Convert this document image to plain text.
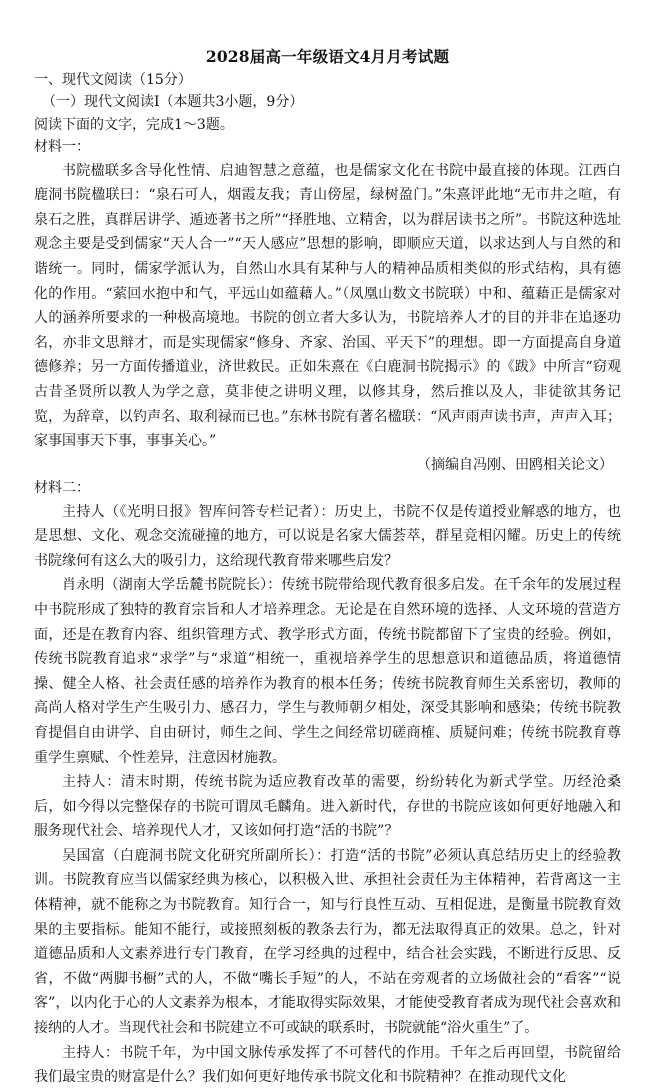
2028届高一年级语文4月月考试题
一、现代文阅读（15分）
（一）现代文阅读Ⅰ（本题共3小题，9分）
阅读下面的文字，完成1～3题。
材料一：

书院楹联多含导化性情、启迪智慧之意蕴，也是儒家文化在书院中最直接的体现。江西白鹿洞书院楹联曰：“泉石可人，烟霞友我；青山傍屋，绿树盈门。”朱熹评此地“无市井之喧，有泉石之胜，真群居讲学、遁迹著书之所”“择胜地、立精舍，以为群居读书之所”。书院这种选址观念主要是受到儒家“天人合一”“天人感应”思想的影响，即顺应天道，以求达到人与自然的和谐统一。同时，儒家学派认为，自然山水具有某种与人的精神品质相类似的形式结构，具有德化的作用。“萦回水抱中和气，平远山如蕴藉人。”（凤凰山数文书院联）中和、蕴藉正是儒家对人的涵养所要求的一种极高境地。书院的创立者大多认为，书院培养人才的目的并非在追逐功名，亦非文思辩才，而是实现儒家“修身、齐家、治国、平天下”的理想。即一方面提高自身道德修养；另一方面传播道业，济世救民。正如朱熹在《白鹿洞书院揭示》的《跋》中所言“窃观古昔圣贤所以教人为学之意，莫非使之讲明义理，以修其身，然后推以及人，非徒欲其务记览，为辞章，以钓声名、取利禄而已也。”东林书院有著名楹联：“风声雨声读书声，声声入耳；家事国事天下事，事事关心。”

（摘编自冯刚、田鸥相关论文）
材料二：

主持人（《光明日报》智库问答专栏记者）：历史上，书院不仅是传道授业解惑的地方，也是思想、文化、观念交流碰撞的地方，可以说是名家大儒荟萃，群星竞相闪耀。历史上的传统书院缘何有这么大的吸引力，这给现代教育带来哪些启发？

肖永明（湖南大学岳麓书院院长）：传统书院带给现代教育很多启发。在千余年的发展过程中书院形成了独特的教育宗旨和人才培养理念。无论是在自然环境的选择、人文环境的营造方面，还是在教育内容、组织管理方式、教学形式方面，传统书院都留下了宝贵的经验。例如，传统书院教育追求“求学”与“求道”相统一，重视培养学生的思想意识和道德品质，将道德情操、健全人格、社会责任感的培养作为教育的根本任务；传统书院教育师生关系密切，教师的高尚人格对学生产生吸引力、感召力，学生与教师朝夕相处，深受其影响和感染；传统书院教育提倡自由讲学、自由研讨，师生之间、学生之间经常切磋商榷、质疑问难；传统书院教育尊重学生禀赋、个性差异，注意因材施教。

主持人：清末时期，传统书院为适应教育改革的需要，纷纷转化为新式学堂。历经沧桑后，如今得以完整保存的书院可谓凤毛麟角。进入新时代，存世的书院应该如何更好地融入和服务现代社会、培养现代人才，又该如何打造“活的书院”？

吴国富（白鹿洞书院文化研究所副所长）：打造“活的书院”必须认真总结历史上的经验教训。书院教育应当以儒家经典为核心，以积极入世、承担社会责任为主体精神，若背离这一主体精神，就不能称之为书院教育。知行合一，知与行良性互动、互相促进，是衡量书院教育效果的主要指标。能知不能行，或接照刻板的教条去行为，都无法取得真正的效果。总之，针对道德品质和人文素养进行专门教育，在学习经典的过程中，结合社会实践，不断进行反思、反省，不做“两脚书橱”式的人，不做“嘴长手短”的人，不站在旁观者的立场做社会的“看客”“说客”，以内化于心的人文素养为根本，才能取得实际效果，才能使受教育者成为现代社会喜欢和接纳的人才。当现代社会和书院建立不可或缺的联系时，书院就能“浴火重生”了。

主持人：书院千年，为中国文脉传承发挥了不可替代的作用。千年之后再回望，书院留给我们最宝贵的财富是什么？我们如何更好地传承书院文化和书院精神？在推动现代文化
